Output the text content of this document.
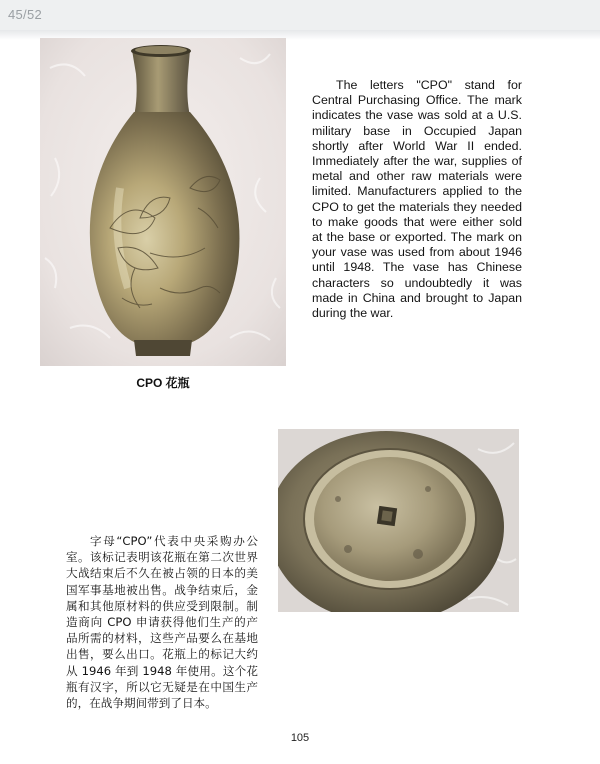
45/52

The letters "CPO" stand for Central Purchasing Office. The mark indicates the vase was sold at a U.S. military base in Occupied Japan shortly after World War II ended. Immediately after the war, supplies of metal and other raw materials were limited. Manufacturers applied to the CPO to get the materials they needed to make goods that were either sold at the base or exported. The mark on your vase was used from about 1946 until 1948. The vase has Chinese characters so undoubtedly it was made in China and brought to Japan during the war.

CPO 花瓶

字母“CPO”代表中央采购办公室。该标记表明该花瓶在第二次世界大战结束后不久在被占领的日本的美国军事基地被出售。战争结束后，金属和其他原材料的供应受到限制。制造商向 CPO 申请获得他们生产的产品所需的材料，这些产品要么在基地出售，要么出口。花瓶上的标记大约从 1946 年到 1948 年使用。这个花瓶有汉字，所以它无疑是在中国生产的，在战争期间带到了日本。

105
